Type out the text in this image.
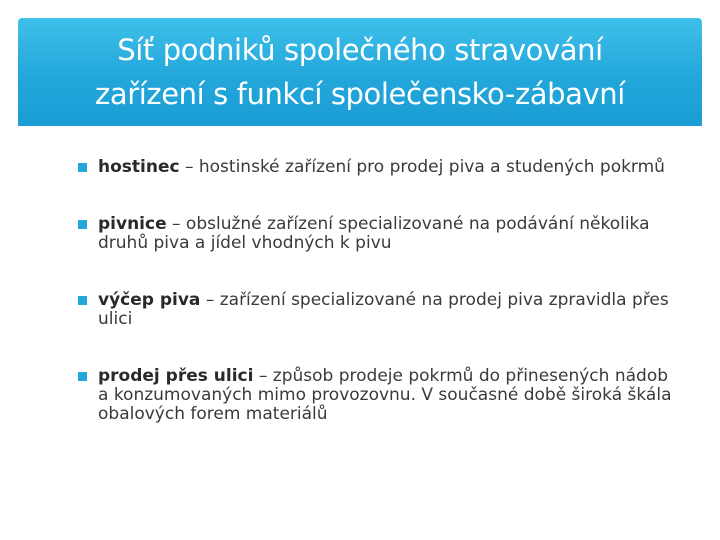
Síť podniků společného stravování
zařízení s funkcí společensko-zábavní
hostinec – hostinské zařízení pro prodej piva a studených pokrmů
pivnice – obslužné zařízení specializované na podávání několika druhů piva a jídel vhodných k pivu
výčep piva – zařízení specializované na prodej piva zpravidla přes ulici
prodej přes ulici – způsob prodeje pokrmů do přinesených nádob a konzumovaných mimo provozovnu. V současné době široká škála obalových forem materiálů
